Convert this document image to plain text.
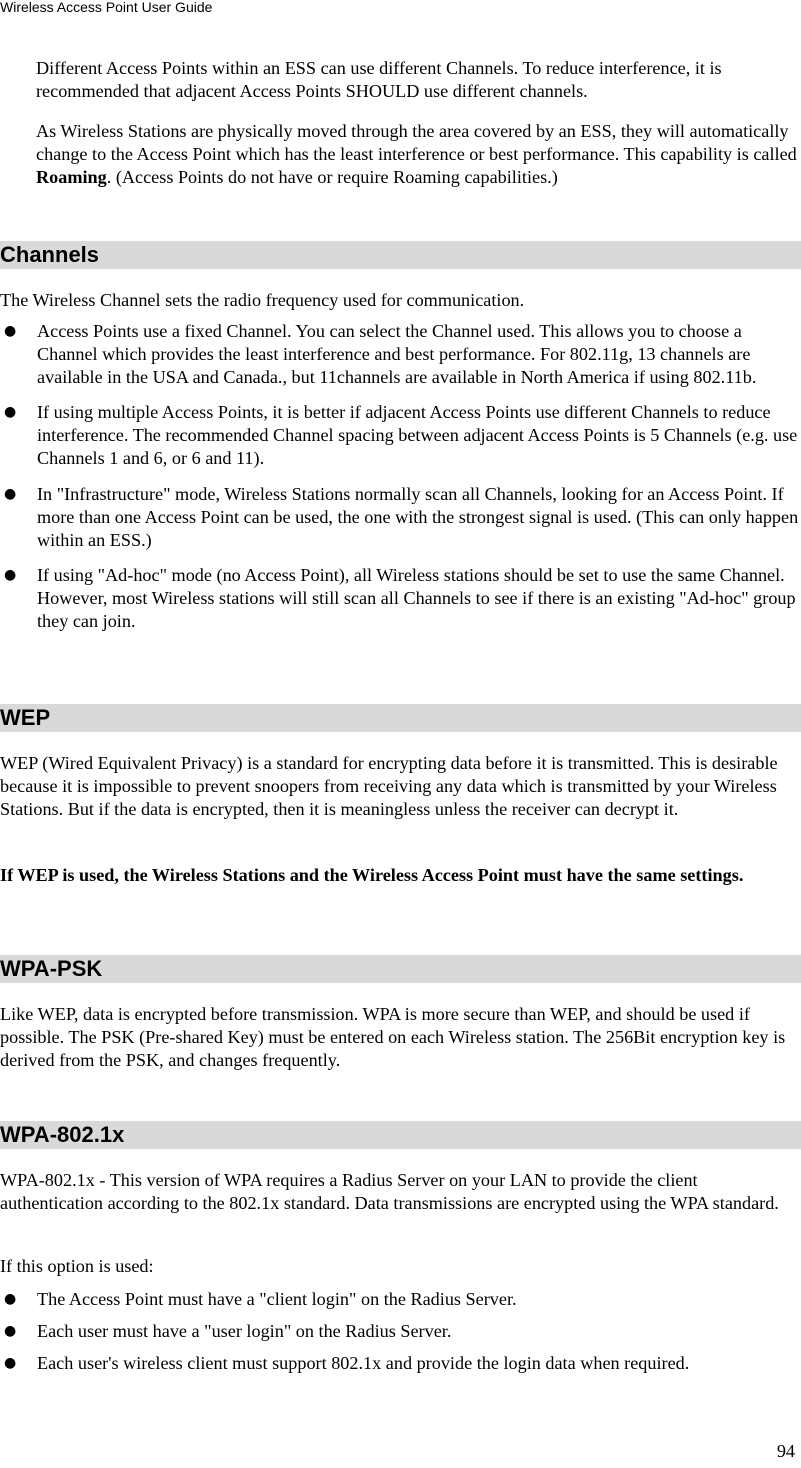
Wireless Access Point User Guide

Different Access Points within an ESS can use different Channels. To reduce interference, it is recommended that adjacent Access Points SHOULD use different channels.

As Wireless Stations are physically moved through the area covered by an ESS, they will automatically change to the Access Point which has the least interference or best performance. This capability is called Roaming. (Access Points do not have or require Roaming capabilities.)

Channels

The Wireless Channel sets the radio frequency used for communication.

● Access Points use a fixed Channel. You can select the Channel used. This allows you to choose a Channel which provides the least interference and best performance. For 802.11g, 13 channels are available in the USA and Canada., but 11channels are available in North America if using 802.11b.
● If using multiple Access Points, it is better if adjacent Access Points use different Channels to reduce interference. The recommended Channel spacing between adjacent Access Points is 5 Channels (e.g. use Channels 1 and 6, or 6 and 11).
● In "Infrastructure" mode, Wireless Stations normally scan all Channels, looking for an Access Point. If more than one Access Point can be used, the one with the strongest signal is used. (This can only happen within an ESS.)
● If using "Ad-hoc" mode (no Access Point), all Wireless stations should be set to use the same Channel. However, most Wireless stations will still scan all Channels to see if there is an existing "Ad-hoc" group they can join.
WEP

WEP (Wired Equivalent Privacy) is a standard for encrypting data before it is transmitted. This is desirable because it is impossible to prevent snoopers from receiving any data which is transmitted by your Wireless Stations. But if the data is encrypted, then it is meaningless unless the receiver can decrypt it.

If WEP is used, the Wireless Stations and the Wireless Access Point must have the same settings.

WPA-PSK

Like WEP, data is encrypted before transmission. WPA is more secure than WEP, and should be used if possible. The PSK (Pre-shared Key) must be entered on each Wireless station. The 256Bit encryption key is derived from the PSK, and changes frequently.

WPA-802.1x

WPA-802.1x - This version of WPA requires a Radius Server on your LAN to provide the client authentication according to the 802.1x standard. Data transmissions are encrypted using the WPA standard.

If this option is used:

● The Access Point must have a "client login" on the Radius Server.
● Each user must have a "user login" on the Radius Server.
● Each user's wireless client must support 802.1x and provide the login data when required.
94
